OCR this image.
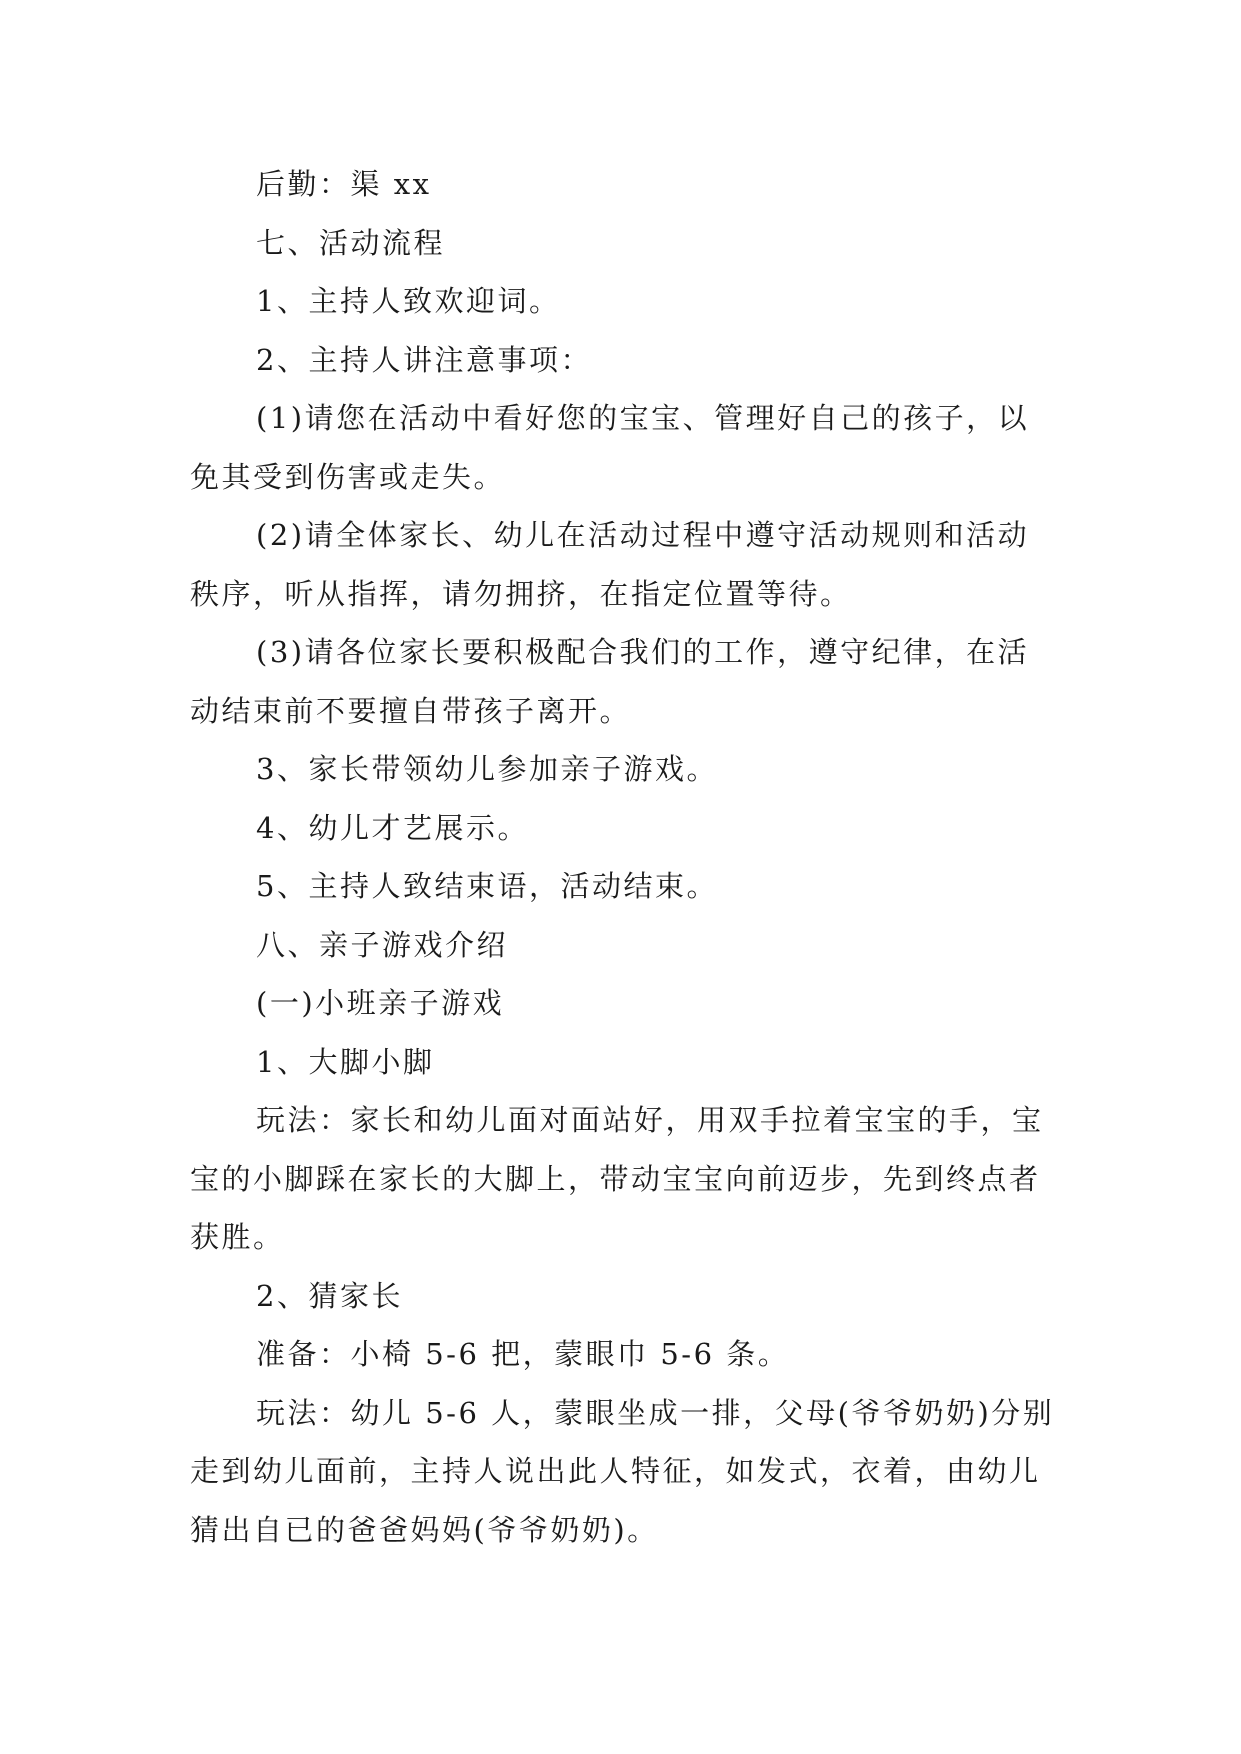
后勤：渠 xx

七、活动流程

1、主持人致欢迎词。

2、主持人讲注意事项：

(1)请您在活动中看好您的宝宝、管理好自己的孩子，以免其受到伤害或走失。

(2)请全体家长、幼儿在活动过程中遵守活动规则和活动秩序，听从指挥，请勿拥挤，在指定位置等待。

(3)请各位家长要积极配合我们的工作，遵守纪律，在活动结束前不要擅自带孩子离开。

3、家长带领幼儿参加亲子游戏。

4、幼儿才艺展示。

5、主持人致结束语，活动结束。

八、亲子游戏介绍

(一)小班亲子游戏

1、大脚小脚

玩法：家长和幼儿面对面站好，用双手拉着宝宝的手，宝宝的小脚踩在家长的大脚上，带动宝宝向前迈步，先到终点者获胜。

2、猜家长

准备：小椅 5-6 把，蒙眼巾 5-6 条。

玩法：幼儿 5-6 人，蒙眼坐成一排，父母(爷爷奶奶)分别走到幼儿面前，主持人说出此人特征，如发式，衣着，由幼儿猜出自已的爸爸妈妈(爷爷奶奶)。
